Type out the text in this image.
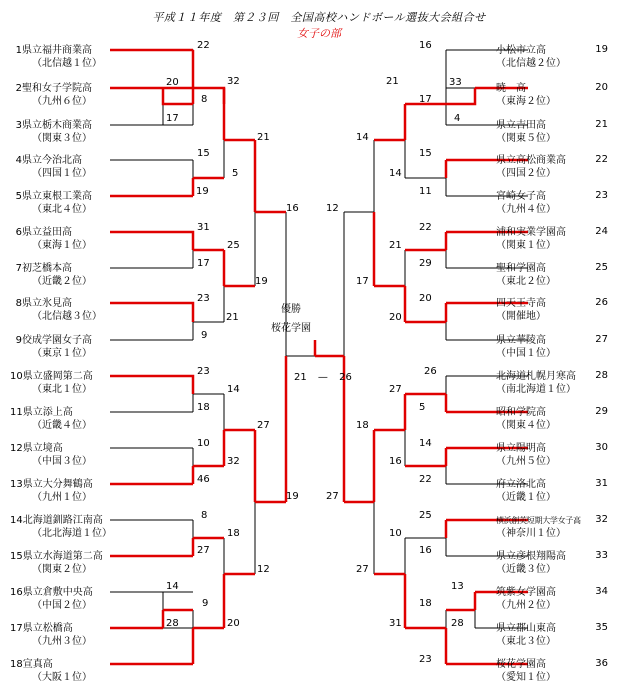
平成１１年度　第２３回　全国高校ハンドボール選抜大会組合せ
女子の部
1県立福井商業高
（北信越１位）
2聖和女子学院高
（九州６位）
3県立栃木商業高
（関東３位）
4県立今治北高
（四国１位）
5県立東根工業高
（東北４位）
6県立益田高
（東海１位）
7初芝橋本高
（近畿２位）
8県立氷見高
（北信越３位）
9佼成学園女子高
（東京１位）
10県立盛岡第二高
（東北１位）
11県立添上高
（近畿４位）
12県立境高
（中国３位）
13県立大分舞鶴高
（九州１位）
14北海道釧路江南高
（北北海道１位）
15県立水海道第二高
（関東２位）
16県立倉敷中央高
（中国２位）
17県立松橋高
（九州３位）
18宣真高
（大阪１位）
19
小松市立高
（北信越２位）
20
暁　高
（東海２位）
21
県立吉田高
（関東５位）
22
県立高松商業高
（四国２位）
23
宮崎女子高
（九州４位）
24
浦和実業学園高
（関東１位）
25
聖和学園高
（東北２位）
26
四天王寺高
（開催地）
27
県立華陵高
（中国１位）
28
北海道札幌月寒高
（南北海道１位）
29
昭和学院高
（関東４位）
30
県立陽明高
（九州５位）
31
府立洛北高
（近畿１位）
32
横浜創英短期大学女子高
（神奈川１位）
33
県立彦根翔陽高
（近畿３位）
34
筑紫女学園高
（九州２位）
35
県立郡山東高
（東北３位）
36
桜花学園高
（愛知１位）
22
20
8
17
32
15
19
5
21
31
17
25
23
21
9
19
16
23
18
14
10
46
32
27
8
27
18
14
28
9
20
12
19
16
33
17
4
21
15
11
14
14
22
29
21
20
20
17
12
26
5
27
14
22
16
18
25
16
10
13
28
18
23
31
27
27
優勝
桜花学園
21 — 26
